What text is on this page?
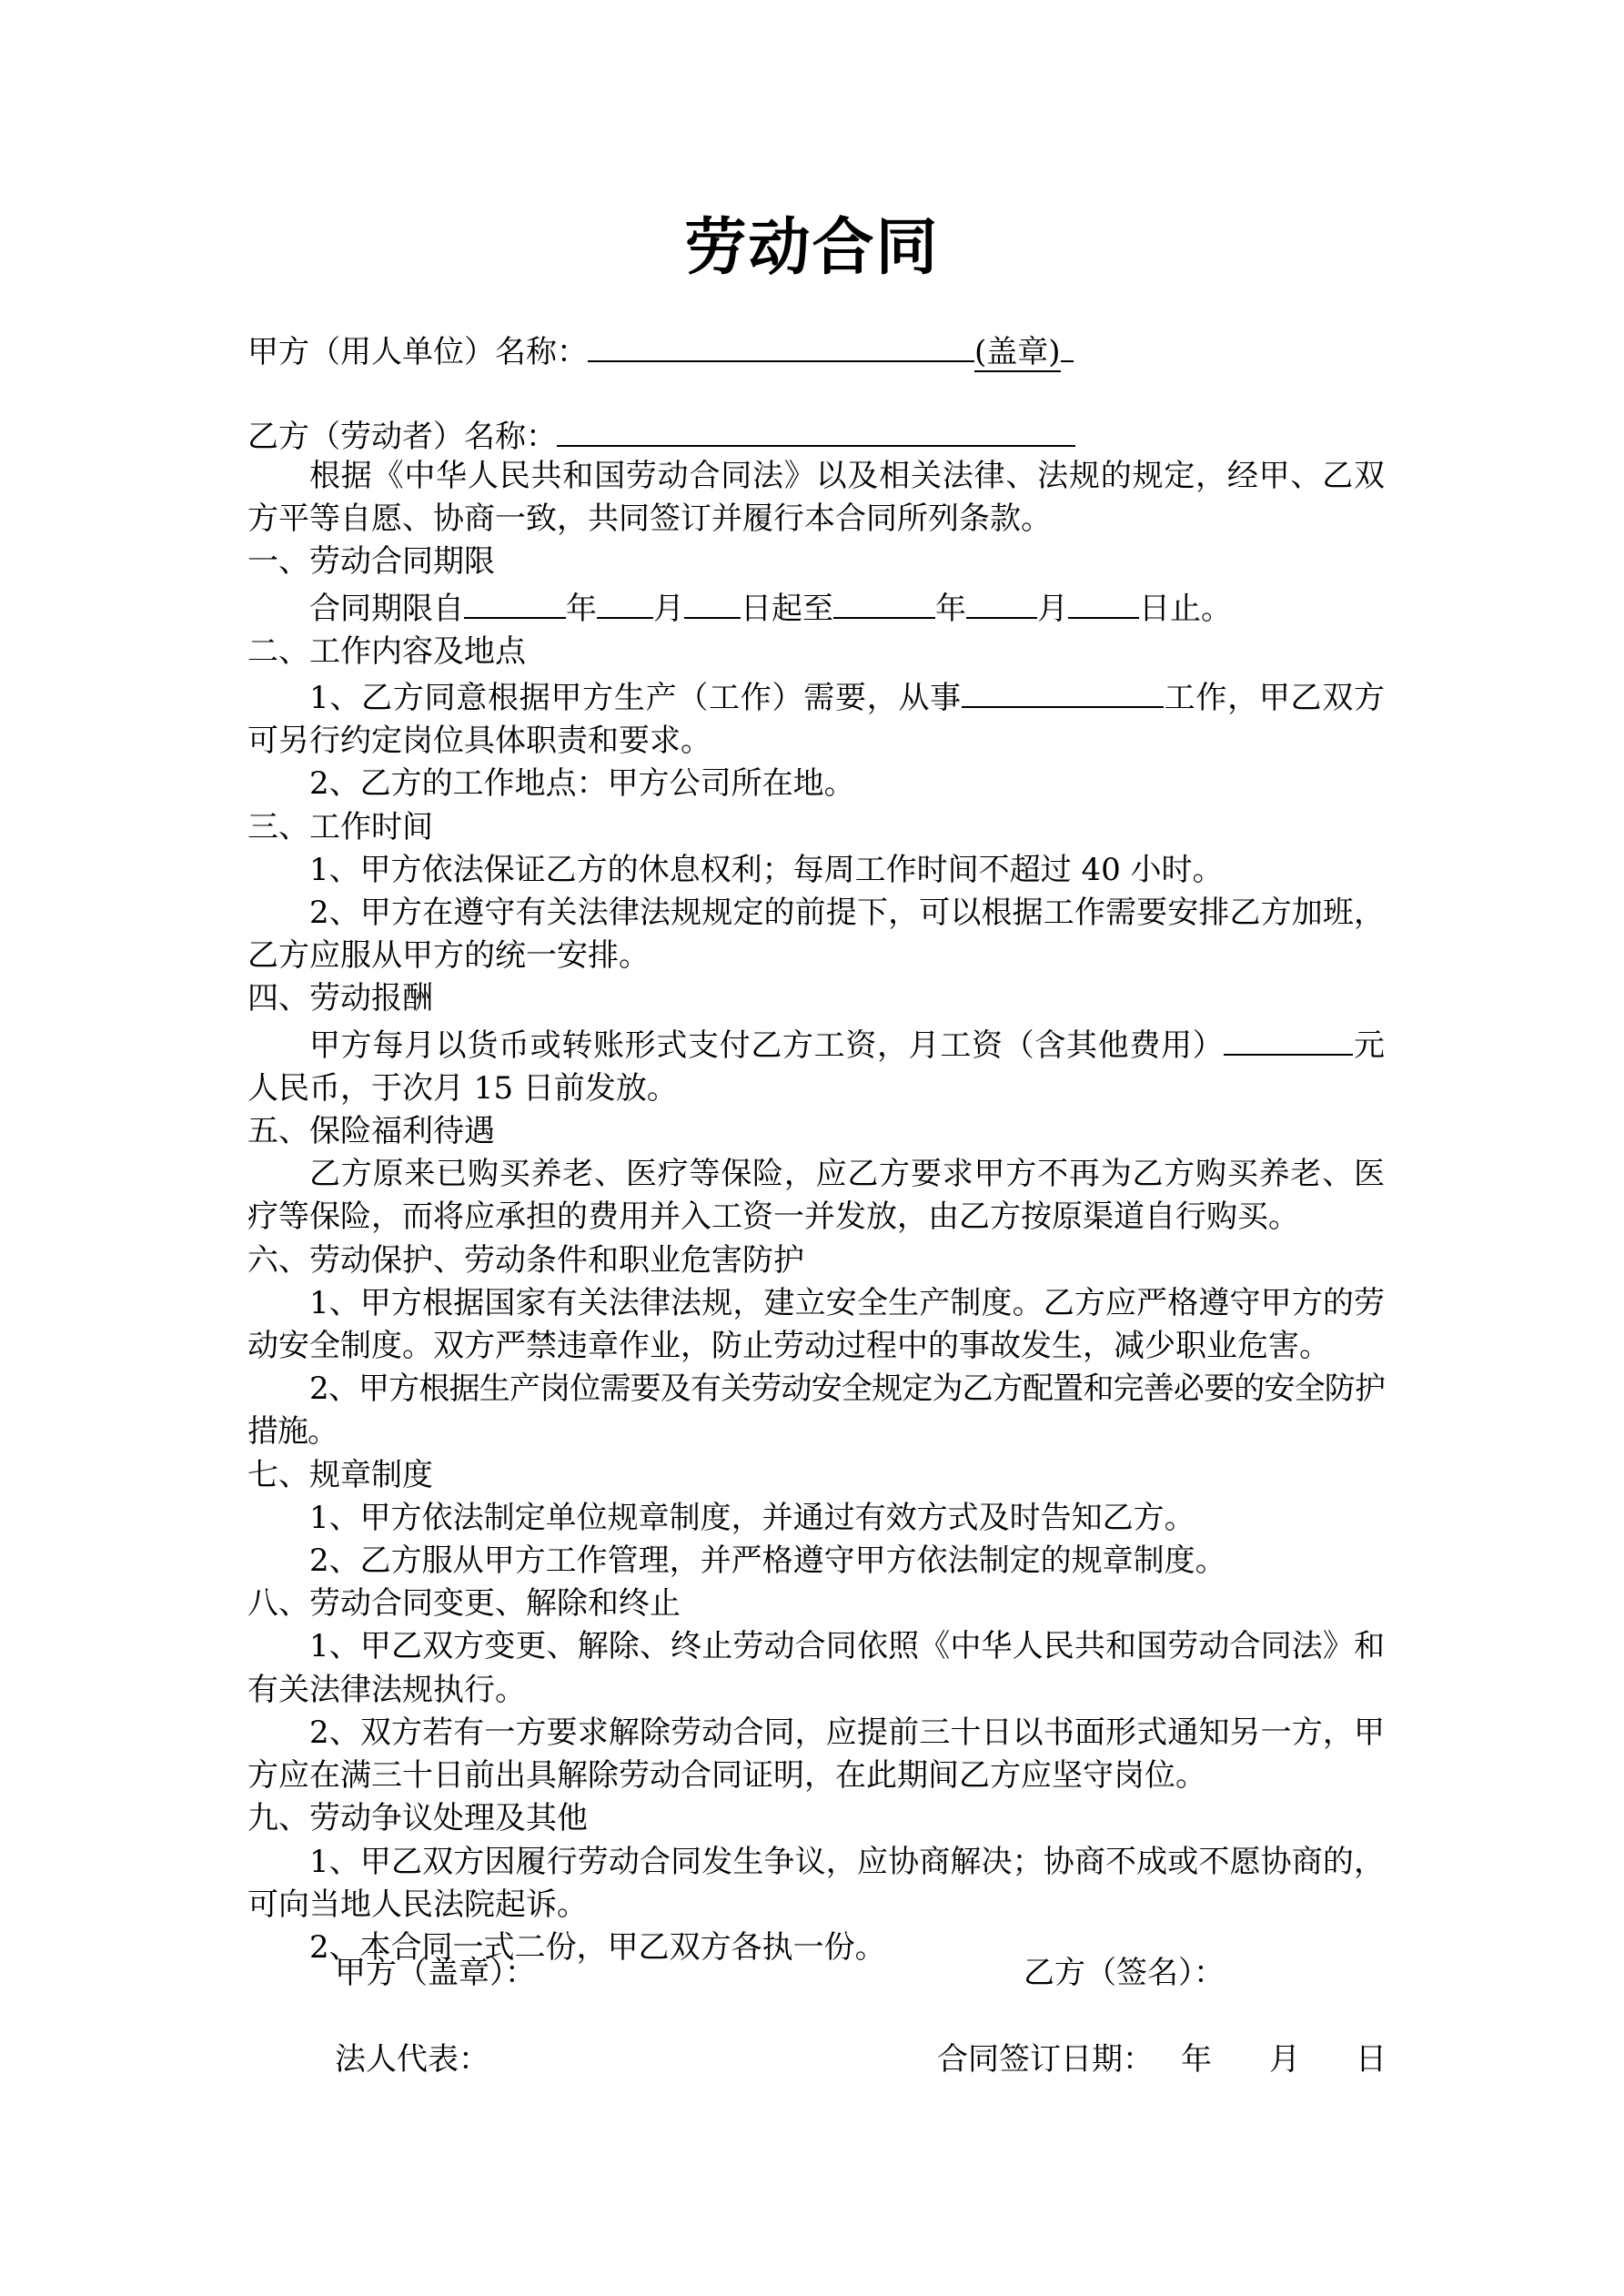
劳动合同
甲方（用人单位）名称：	(盖章)
乙方（劳动者）名称：

根据《中华人民共和国劳动合同法》以及相关法律、法规的规定，经甲、乙双方平等自愿、协商一致，共同签订并履行本合同所列条款。

一、劳动合同期限

合同期限自	年 月 日起至	年 月 日止。

二、工作内容及地点

1、乙方同意根据甲方生产（工作）需要，从事	工作，甲乙双方可另行约定岗位具体职责和要求。

2、乙方的工作地点：甲方公司所在地。

三、工作时间

1、甲方依法保证乙方的休息权利；每周工作时间不超过 40 小时。

2、甲方在遵守有关法律法规规定的前提下，可以根据工作需要安排乙方加班，乙方应服从甲方的统一安排。

四、劳动报酬

甲方每月以货币或转账形式支付乙方工资，月工资（含其他费用）	元人民币，于次月 15 日前发放。

五、保险福利待遇

乙方原来已购买养老、医疗等保险，应乙方要求甲方不再为乙方购买养老、医疗等保险，而将应承担的费用并入工资一并发放，由乙方按原渠道自行购买。

六、劳动保护、劳动条件和职业危害防护

1、甲方根据国家有关法律法规，建立安全生产制度。乙方应严格遵守甲方的劳动安全制度。双方严禁违章作业，防止劳动过程中的事故发生，减少职业危害。

2、甲方根据生产岗位需要及有关劳动安全规定为乙方配置和完善必要的安全防护措施。

七、规章制度

1、甲方依法制定单位规章制度，并通过有效方式及时告知乙方。

2、乙方服从甲方工作管理，并严格遵守甲方依法制定的规章制度。

八、劳动合同变更、解除和终止

1、甲乙双方变更、解除、终止劳动合同依照《中华人民共和国劳动合同法》和有关法律法规执行。

2、双方若有一方要求解除劳动合同，应提前三十日以书面形式通知另一方，甲方应在满三十日前出具解除劳动合同证明，在此期间乙方应坚守岗位。

九、劳动争议处理及其他

1、甲乙双方因履行劳动合同发生争议，应协商解决；协商不成或不愿协商的，可向当地人民法院起诉。

2、本合同一式二份，甲乙双方各执一份。

甲方（盖章）：	乙方（签名）：
法人代表：	合同签订日期： 年 月 日
